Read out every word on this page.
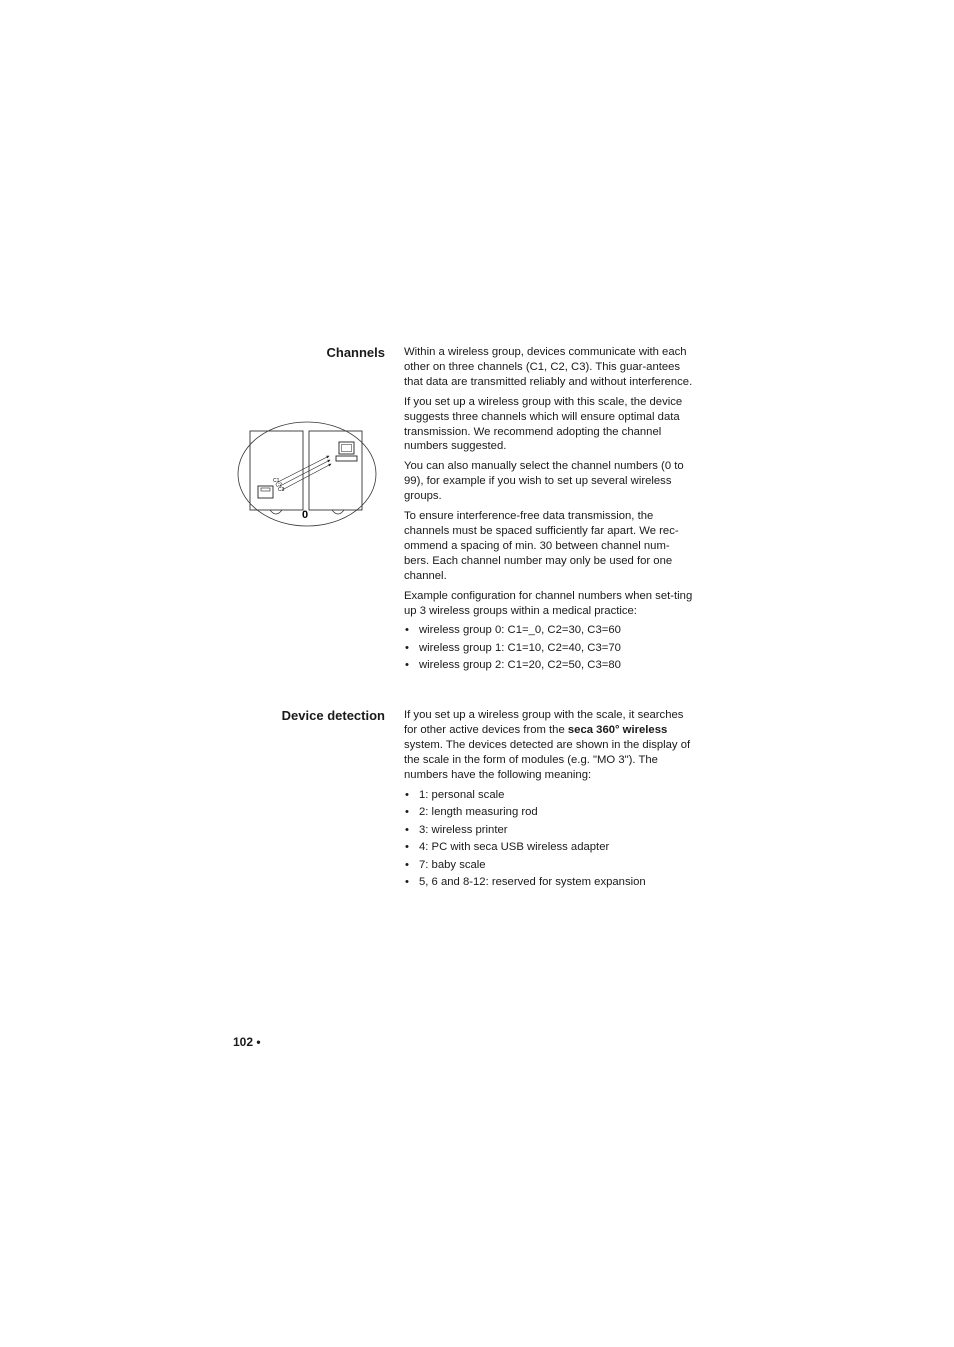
Channels Within a wireless group, devices communicate with each other on three channels (C1, C2, C3). This guar-antees that data are transmitted reliably and without interference.

If you set up a wireless group with this scale, the device suggests three channels which will ensure optimal data transmission. We recommend adopting the channel numbers suggested.

You can also manually select the channel numbers (0 to 99), for example if you wish to set up several wireless groups.

To ensure interference-free data transmission, the channels must be spaced sufficiently far apart. We rec-ommend a spacing of min. 30 between channel num-bers. Each channel number may only be used for one channel.

Example configuration for channel numbers when set-ting up 3 wireless groups within a medical practice:

• wireless group 0: C1=_0, C2=30, C3=60
• wireless group 1: C1=10, C2=40, C3=70
• wireless group 2: C1=20, C2=50, C3=80
C1
C2
C3
0
Device detection If you set up a wireless group with the scale, it searches for other active devices from the seca 360° wireless system. The devices detected are shown in the display of the scale in the form of modules (e.g. "MO 3"). The numbers have the following meaning:

• 1: personal scale
• 2: length measuring rod
• 3: wireless printer
• 4: PC with seca USB wireless adapter
• 7: baby scale
• 5, 6 and 8-12: reserved for system expansion
102 •
